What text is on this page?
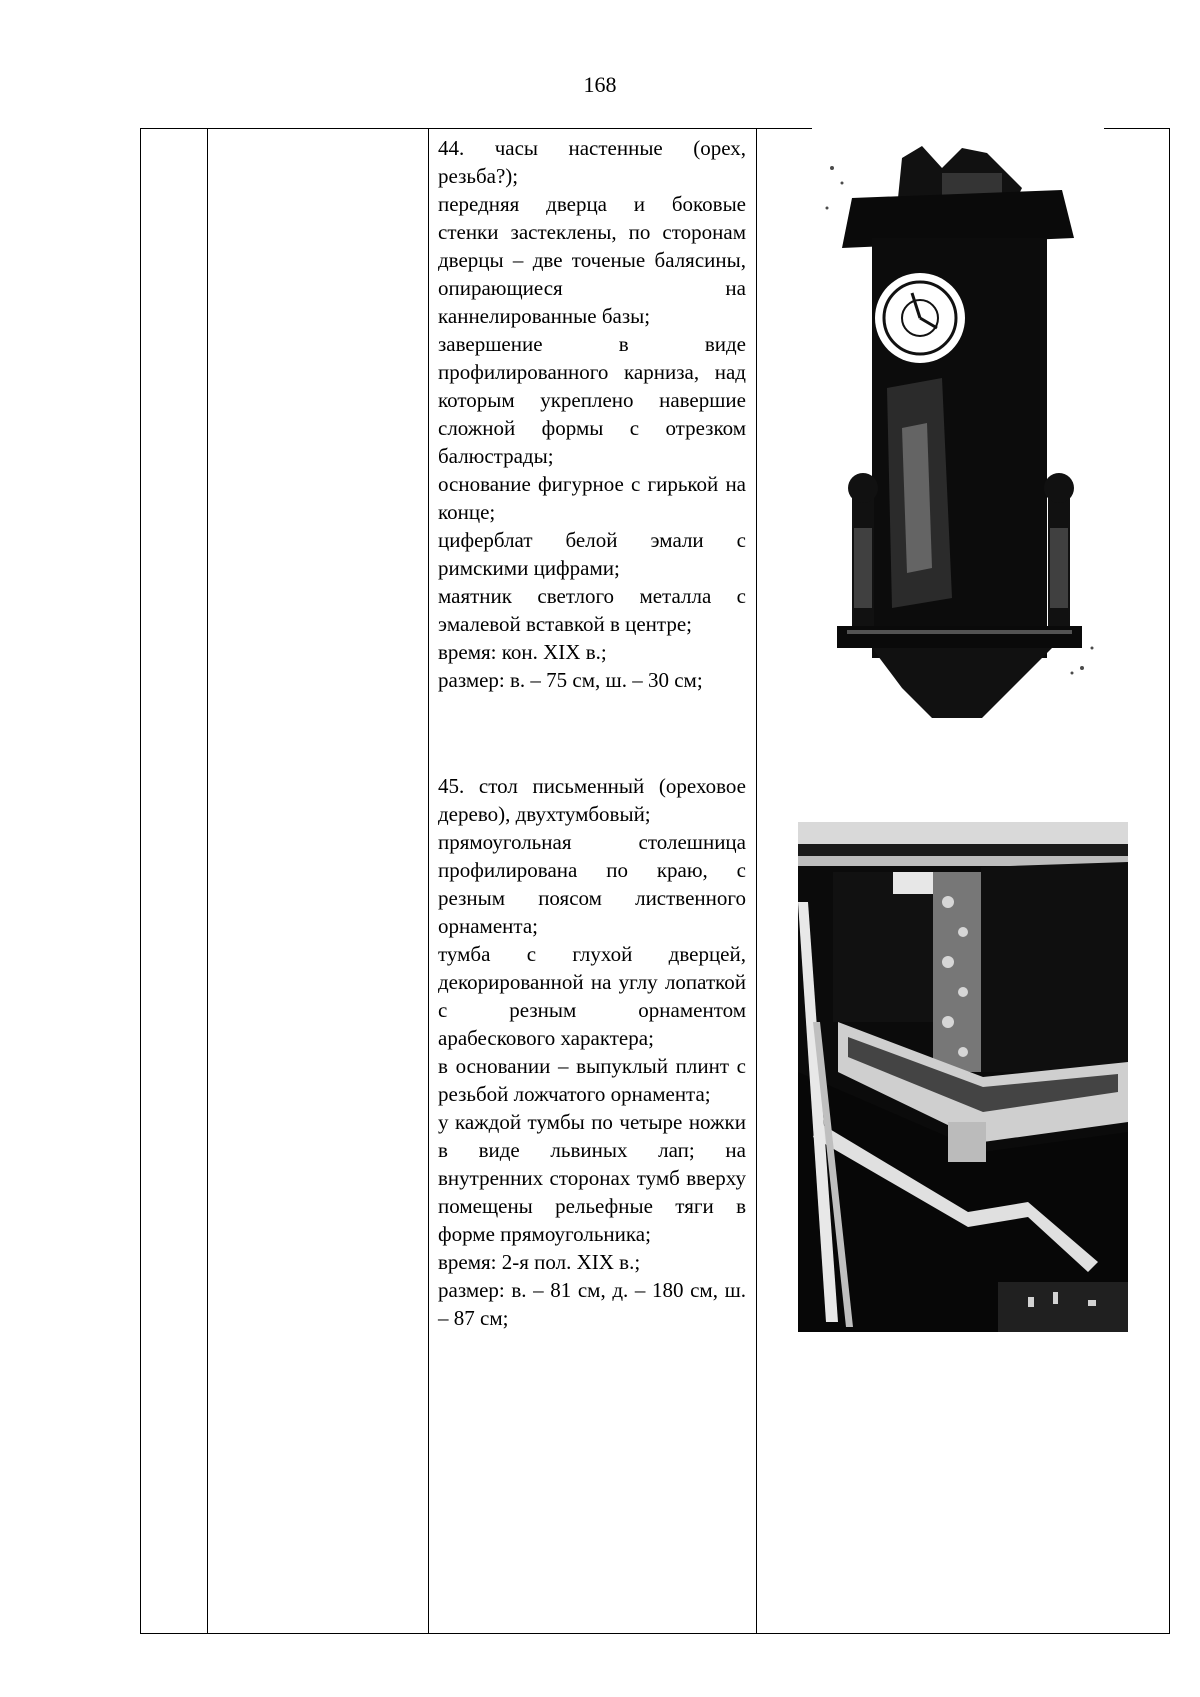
168

44. часы настенные (орех, резьба?);

передняя дверца и боковые стенки застеклены, по сторонам дверцы – две точеные балясины, опирающиеся на каннелированные базы;

завершение в виде профилированного карниза, над которым укреплено навершие сложной формы с отрезком балюстрады;

основание фигурное с гирькой на конце;

циферблат белой эмали с римскими цифрами;

маятник светлого металла с эмалевой вставкой в центре;

время: кон. XIX в.;

размер: в. – 75 см, ш. – 30 см;

45. стол письменный (ореховое дерево), двухтумбовый;

прямоугольная столешница профилирована по краю, с резным поясом лиственного орнамента;

тумба с глухой дверцей, декорированной на углу лопаткой с резным орнаментом арабескового характера;

в основании – выпуклый плинт с резьбой ложчатого орнамента;

у каждой тумбы по четыре ножки в виде львиных лап; на внутренних сторонах тумб вверху помещены рельефные тяги в форме прямоугольника;

время: 2-я пол. XIX в.;

размер: в. – 81 см, д. – 180 см, ш. – 87 см;
